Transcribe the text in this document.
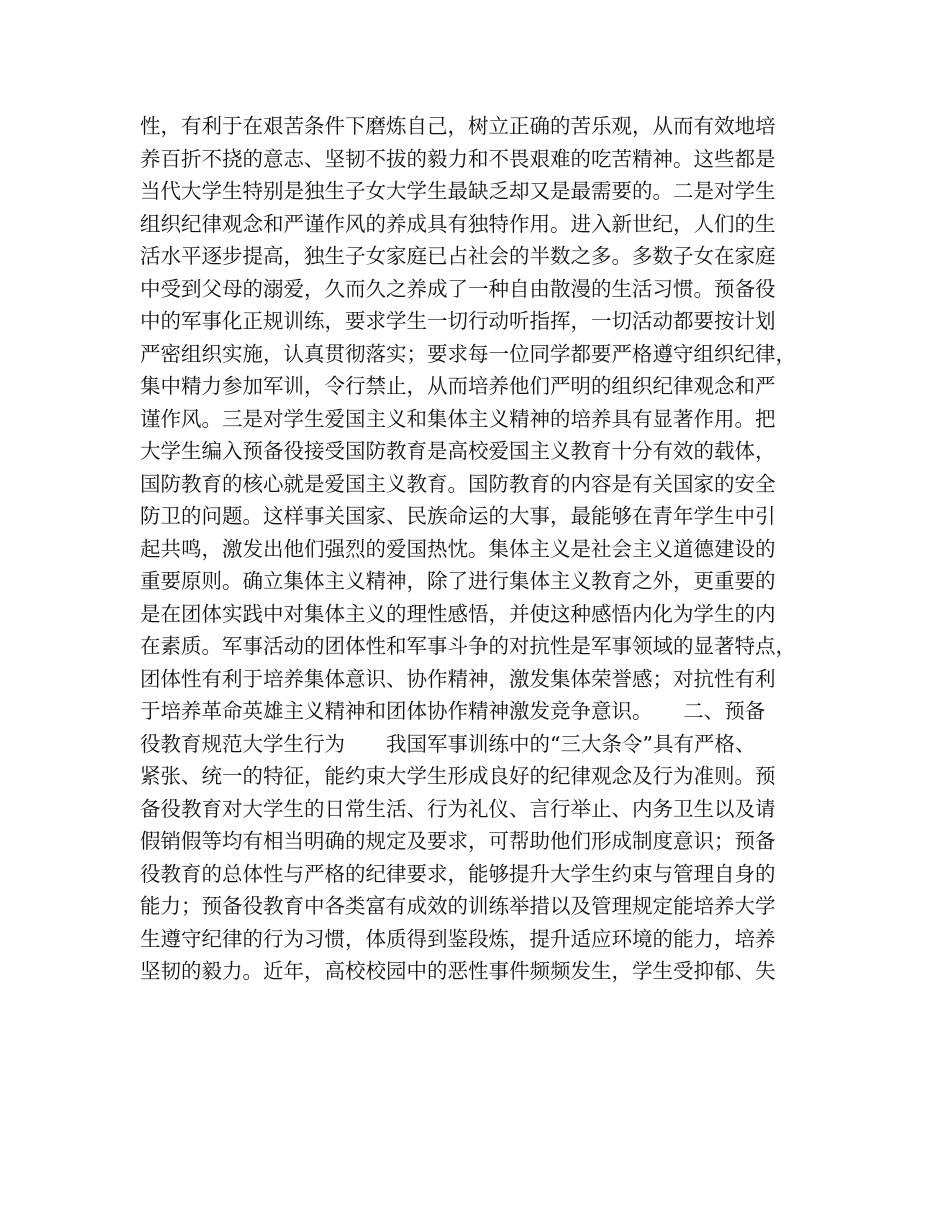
性，有利于在艰苦条件下磨炼自己，树立正确的苦乐观，从而有效地培
养百折不挠的意志、坚韧不拔的毅力和不畏艰难的吃苦精神。这些都是
当代大学生特别是独生子女大学生最缺乏却又是最需要的。二是对学生
组织纪律观念和严谨作风的养成具有独特作用。进入新世纪，人们的生
活水平逐步提高，独生子女家庭已占社会的半数之多。多数子女在家庭
中受到父母的溺爱，久而久之养成了一种自由散漫的生活习惯。预备役
中的军事化正规训练，要求学生一切行动听指挥，一切活动都要按计划
严密组织实施，认真贯彻落实；要求每一位同学都要严格遵守组织纪律，
集中精力参加军训，令行禁止，从而培养他们严明的组织纪律观念和严
谨作风。三是对学生爱国主义和集体主义精神的培养具有显著作用。把
大学生编入预备役接受国防教育是高校爱国主义教育十分有效的载体，
国防教育的核心就是爱国主义教育。国防教育的内容是有关国家的安全
防卫的问题。这样事关国家、民族命运的大事，最能够在青年学生中引
起共鸣，激发出他们强烈的爱国热忱。集体主义是社会主义道德建设的
重要原则。确立集体主义精神，除了进行集体主义教育之外，更重要的
是在团体实践中对集体主义的理性感悟，并使这种感悟内化为学生的内
在素质。军事活动的团体性和军事斗争的对抗性是军事领域的显著特点，
团体性有利于培养集体意识、协作精神，激发集体荣誉感；对抗性有利
于培养革命英雄主义精神和团体协作精神激发竞争意识。　　二、预备
役教育规范大学生行为　　我国军事训练中的“三大条令”具有严格、
紧张、统一的特征，能约束大学生形成良好的纪律观念及行为准则。预
备役教育对大学生的日常生活、行为礼仪、言行举止、内务卫生以及请
假销假等均有相当明确的规定及要求，可帮助他们形成制度意识；预备
役教育的总体性与严格的纪律要求，能够提升大学生约束与管理自身的
能力；预备役教育中各类富有成效的训练举措以及管理规定能培养大学
生遵守纪律的行为习惯，体质得到鉴段炼，提升适应环境的能力，培养
坚韧的毅力。近年，高校校园中的恶性事件频频发生，学生受抑郁、失
